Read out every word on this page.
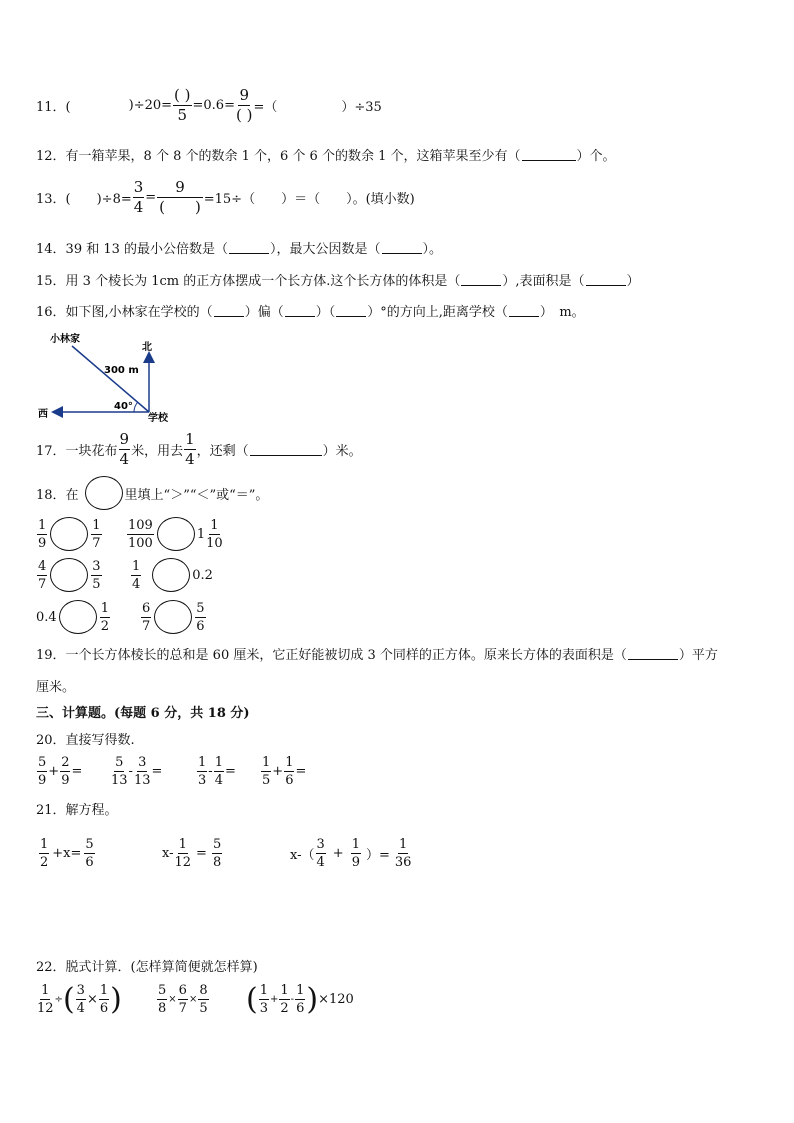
11．(	)$\div 20= \frac{( )}{5} =0.6= \frac{9}{( )}$ =（	）÷35
12．有一箱苹果，8 个 8 个的数余 1 个，6 个 6 个的数余 1 个，这箱苹果至少有（	）个。
13．(　　)$\div 8= \frac{3}{4} = \frac{9}{( )} =15\div$（　　）＝（　　）。(填小数)
14．39 和 13 的最小公倍数是（	），最大公因数是（	）。
15．用 3 个棱长为 1cm 的正方体摆成一个长方体.这个长方体的体积是（	）,表面积是（	）
16．如下图,小林家在学校的（ ）偏（ ）（ ）°的方向上,距离学校（ ）　m。
小林家
北
西	学校
300 m
40°
17．一块花布 $\frac{9}{4}$ 米，用去 $\frac{1}{4}$ ，还剩（	）米。
18．在	里填上“＞”“＜”或“＝”。
$\frac{1}{9}$	$\frac{1}{7} \frac{109}{100}$	$1 \frac{1}{10}$
$\frac{4}{7}$	$\frac{3}{5} \frac{1}{4}$	0.2
0.4	$\frac{1}{2} \frac{6}{7}$	$\frac{5}{6}$
19．一个长方体棱长的总和是 60 厘米，它正好能被切成 3 个同样的正方体。原来长方体的表面积是（	）平方
厘米。
三、计算题。(每题 6 分，共 18 分)
20．直接写得数.
$\frac{5}{9} + \frac{2}{9} = \frac{5}{13} - \frac{3}{13}$ =	$\frac{1}{3} - \frac{1}{4} = \frac{1}{5} + \frac{1}{6}$ =
21．解方程。
$\frac{1}{2} +x= \frac{5}{6}$	$x- \frac{1}{12} = \frac{5}{8}$	$x-( \frac{3}{4} + \frac{1}{9}$ ）= $\frac{1}{36}$
22．脱式计算．(怎样算简便就怎样算)
$\frac{1}{12}$ ÷ ( $\frac{3}{4} \times \frac{1}{6}$ )	$\frac{5}{8} \times \frac{6}{7} \times \frac{8}{5}$ ( $\frac{1}{3} + \frac{1}{2} - \frac{1}{6}$ ) ×120
